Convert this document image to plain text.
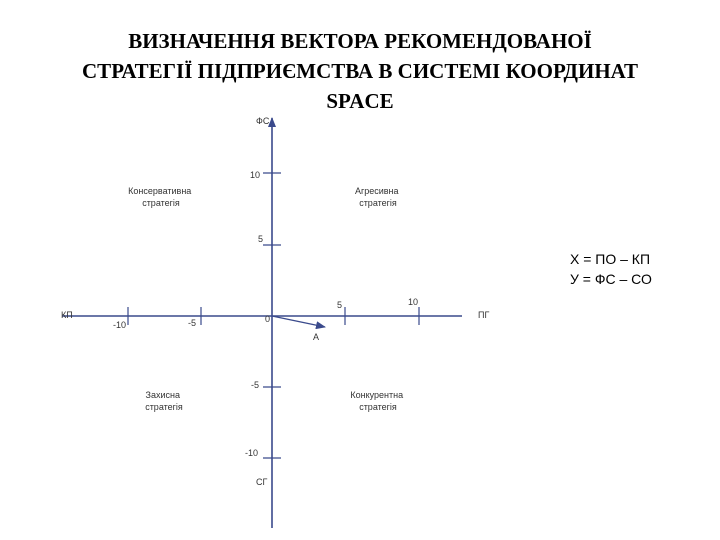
ВИЗНАЧЕННЯ ВЕКТОРА РЕКОМЕНДОВАНОЇ
СТРАТЕГІЇ ПІДПРИЄМСТВА В СИСТЕМІ КООРДИНАТ
SPACE
ФС
СГ
КП	ПГ
-10	-5	0
5	10
10
5
-5
-10
Консервативна стратегія
Агресивна стратегія
Захисна стратегія
Конкурентна стратегія
А
Х = ПО – КП
У = ФС – СО
